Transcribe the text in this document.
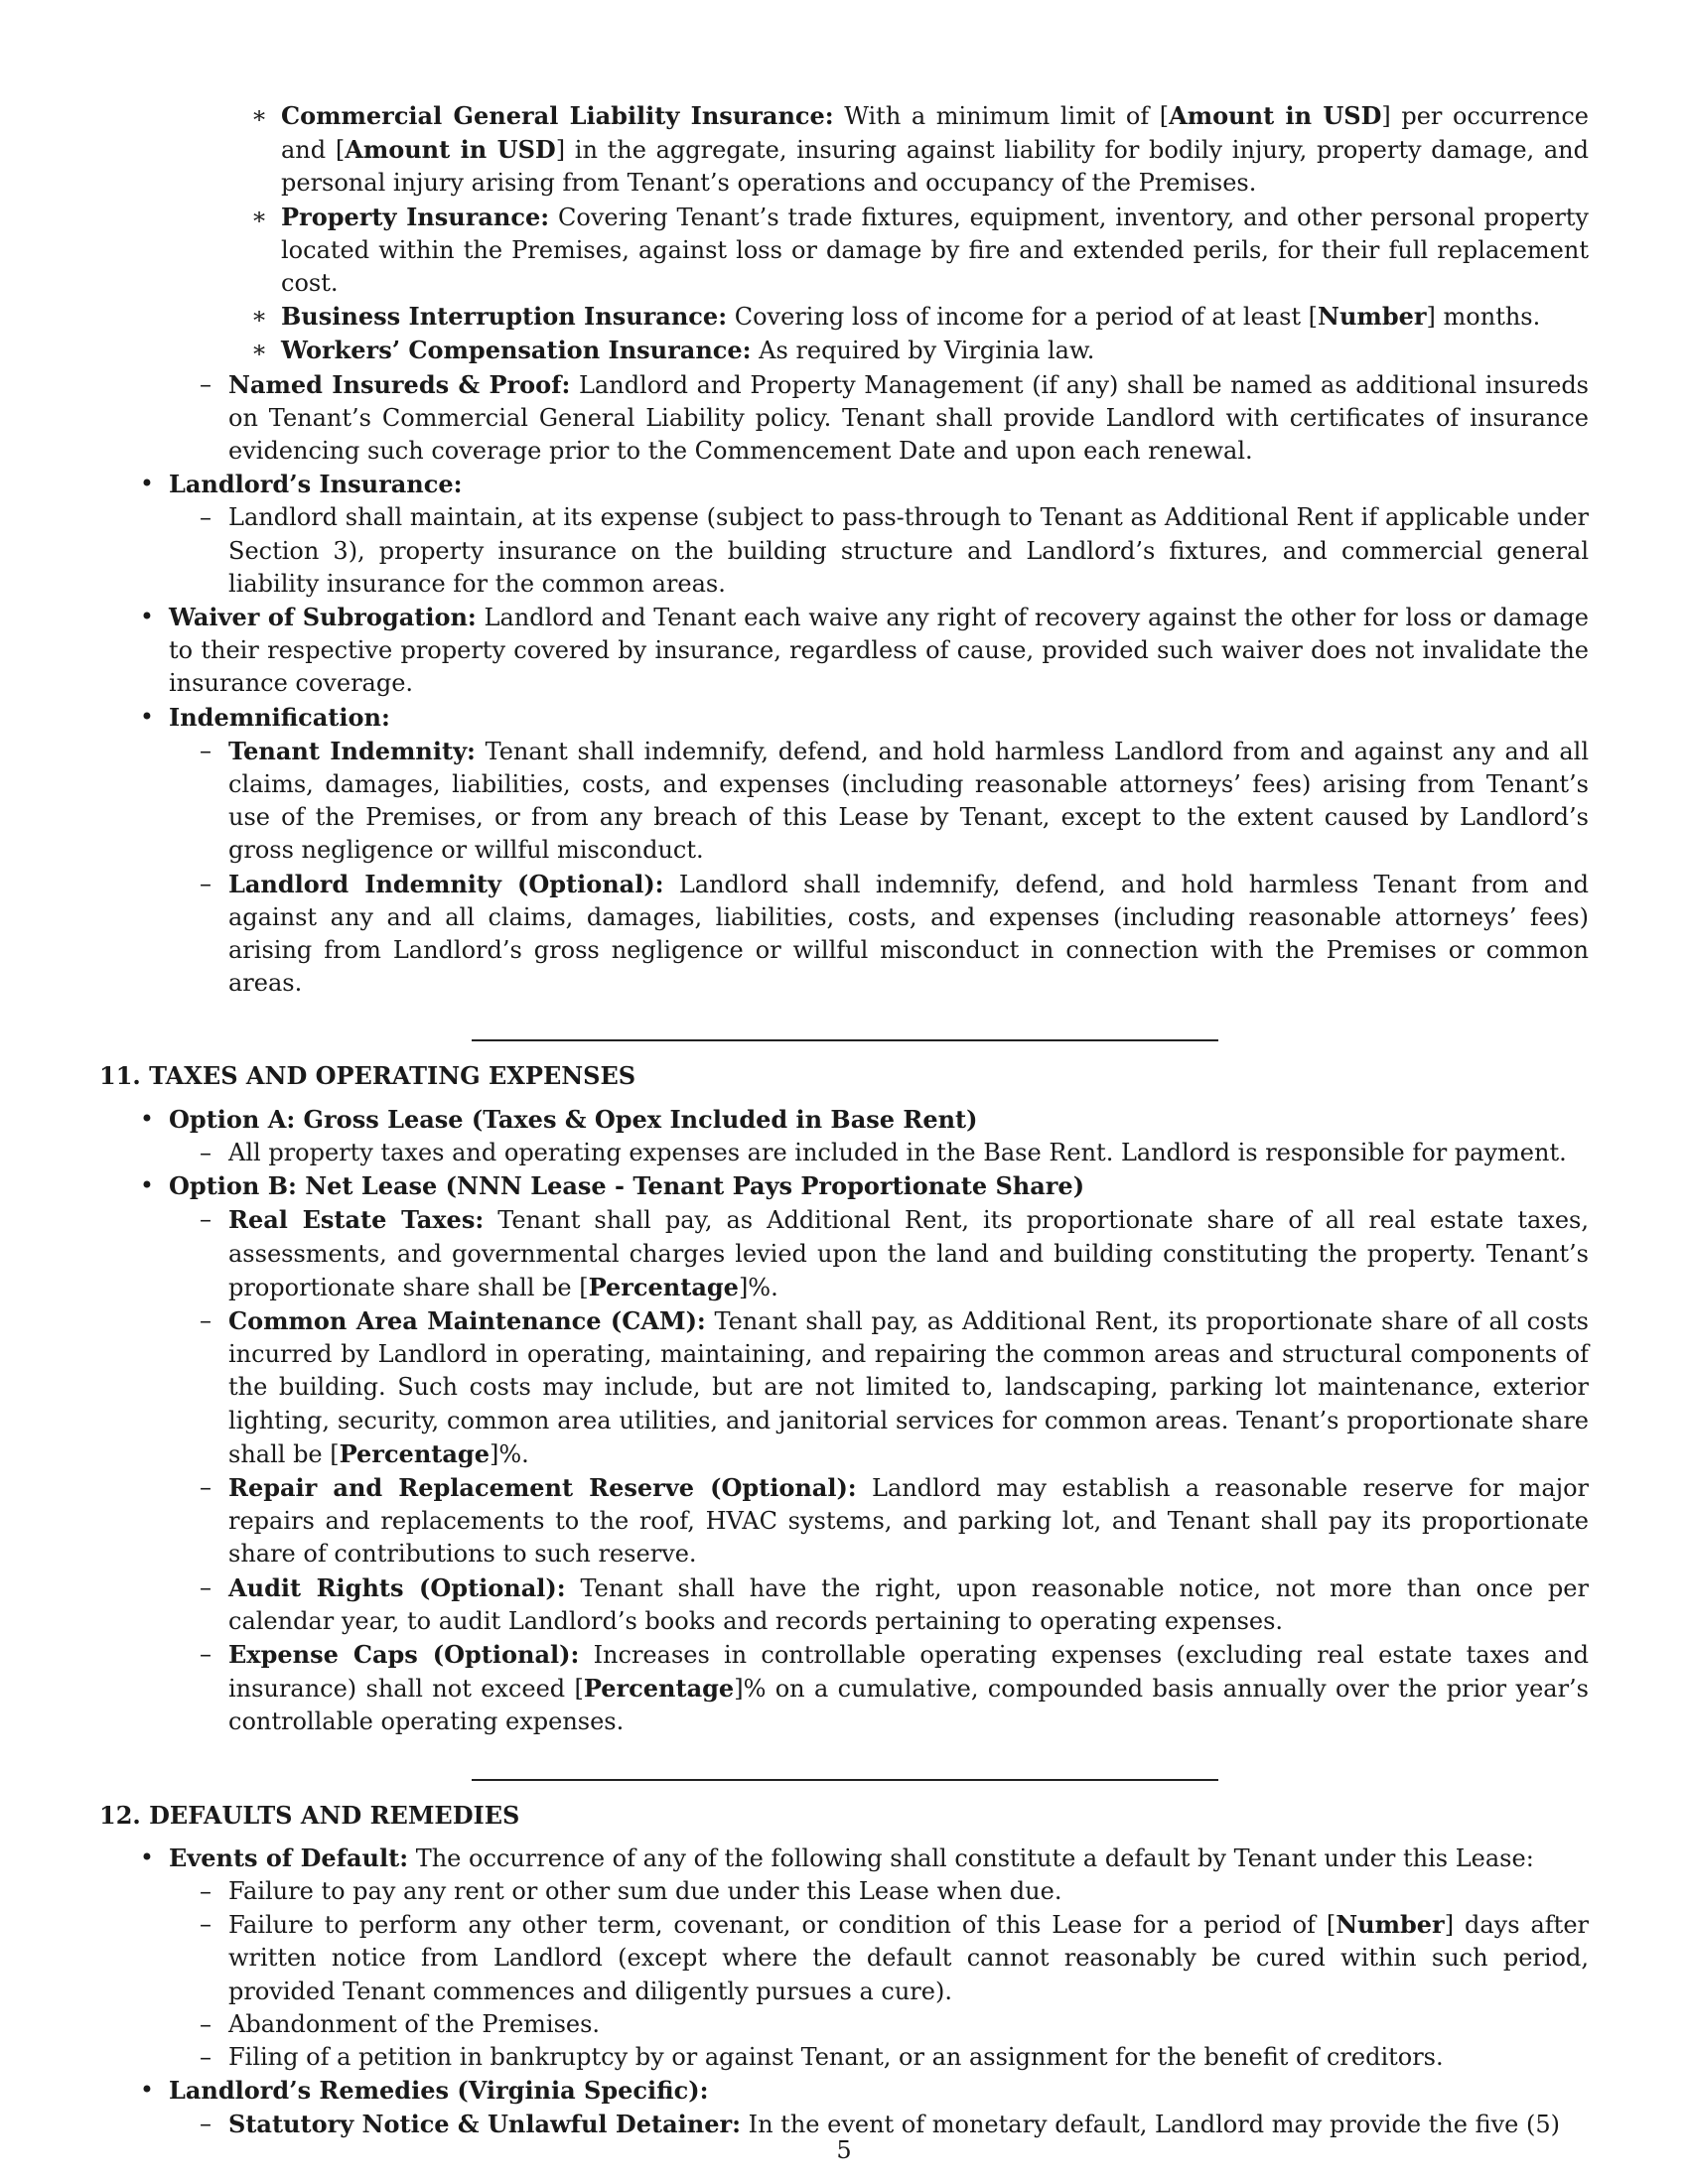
∗ Commercial General Liability Insurance: With a minimum limit of [Amount in USD] per occurrence and [Amount in USD] in the aggregate, insuring against liability for bodily injury, property damage, and personal injury arising from Tenant’s operations and occupancy of the Premises.
∗ Property Insurance: Covering Tenant’s trade fixtures, equipment, inventory, and other personal property located within the Premises, against loss or damage by fire and extended perils, for their full replacement cost.
∗ Business Interruption Insurance: Covering loss of income for a period of at least [Number] months.
∗ Workers’ Compensation Insurance: As required by Virginia law.
– Named Insureds & Proof: Landlord and Property Management (if any) shall be named as additional insureds on Tenant’s Commercial General Liability policy. Tenant shall provide Landlord with certificates of insurance evidencing such coverage prior to the Commencement Date and upon each renewal.
• Landlord’s Insurance:
– Landlord shall maintain, at its expense (subject to pass-through to Tenant as Additional Rent if applicable under Section 3), property insurance on the building structure and Landlord’s fixtures, and commercial general liability insurance for the common areas.
• Waiver of Subrogation: Landlord and Tenant each waive any right of recovery against the other for loss or damage to their respective property covered by insurance, regardless of cause, provided such waiver does not invalidate the insurance coverage.
• Indemnification:
– Tenant Indemnity: Tenant shall indemnify, defend, and hold harmless Landlord from and against any and all claims, damages, liabilities, costs, and expenses (including reasonable attorneys’ fees) arising from Tenant’s use of the Premises, or from any breach of this Lease by Tenant, except to the extent caused by Landlord’s gross negligence or willful misconduct.
– Landlord Indemnity (Optional): Landlord shall indemnify, defend, and hold harmless Tenant from and against any and all claims, damages, liabilities, costs, and expenses (including reasonable attorneys’ fees) arising from Landlord’s gross negligence or willful misconduct in connection with the Premises or common areas.
11. TAXES AND OPERATING EXPENSES
• Option A: Gross Lease (Taxes & Opex Included in Base Rent)
– All property taxes and operating expenses are included in the Base Rent. Landlord is responsible for payment.
• Option B: Net Lease (NNN Lease - Tenant Pays Proportionate Share)
– Real Estate Taxes: Tenant shall pay, as Additional Rent, its proportionate share of all real estate taxes, assessments, and governmental charges levied upon the land and building constituting the property. Tenant’s proportionate share shall be [Percentage]%.
– Common Area Maintenance (CAM): Tenant shall pay, as Additional Rent, its proportionate share of all costs incurred by Landlord in operating, maintaining, and repairing the common areas and structural components of the building. Such costs may include, but are not limited to, landscaping, parking lot maintenance, exterior lighting, security, common area utilities, and janitorial services for common areas. Tenant’s proportionate share shall be [Percentage]%.
– Repair and Replacement Reserve (Optional): Landlord may establish a reasonable reserve for major repairs and replacements to the roof, HVAC systems, and parking lot, and Tenant shall pay its proportionate share of contributions to such reserve.
– Audit Rights (Optional): Tenant shall have the right, upon reasonable notice, not more than once per calendar year, to audit Landlord’s books and records pertaining to operating expenses.
– Expense Caps (Optional): Increases in controllable operating expenses (excluding real estate taxes and insurance) shall not exceed [Percentage]% on a cumulative, compounded basis annually over the prior year’s controllable operating expenses.
12. DEFAULTS AND REMEDIES
• Events of Default: The occurrence of any of the following shall constitute a default by Tenant under this Lease:
– Failure to pay any rent or other sum due under this Lease when due.
– Failure to perform any other term, covenant, or condition of this Lease for a period of [Number] days after written notice from Landlord (except where the default cannot reasonably be cured within such period, provided Tenant commences and diligently pursues a cure).
– Abandonment of the Premises.
– Filing of a petition in bankruptcy by or against Tenant, or an assignment for the benefit of creditors.
• Landlord’s Remedies (Virginia Specific):
– Statutory Notice & Unlawful Detainer: In the event of monetary default, Landlord may provide the five (5)
5
